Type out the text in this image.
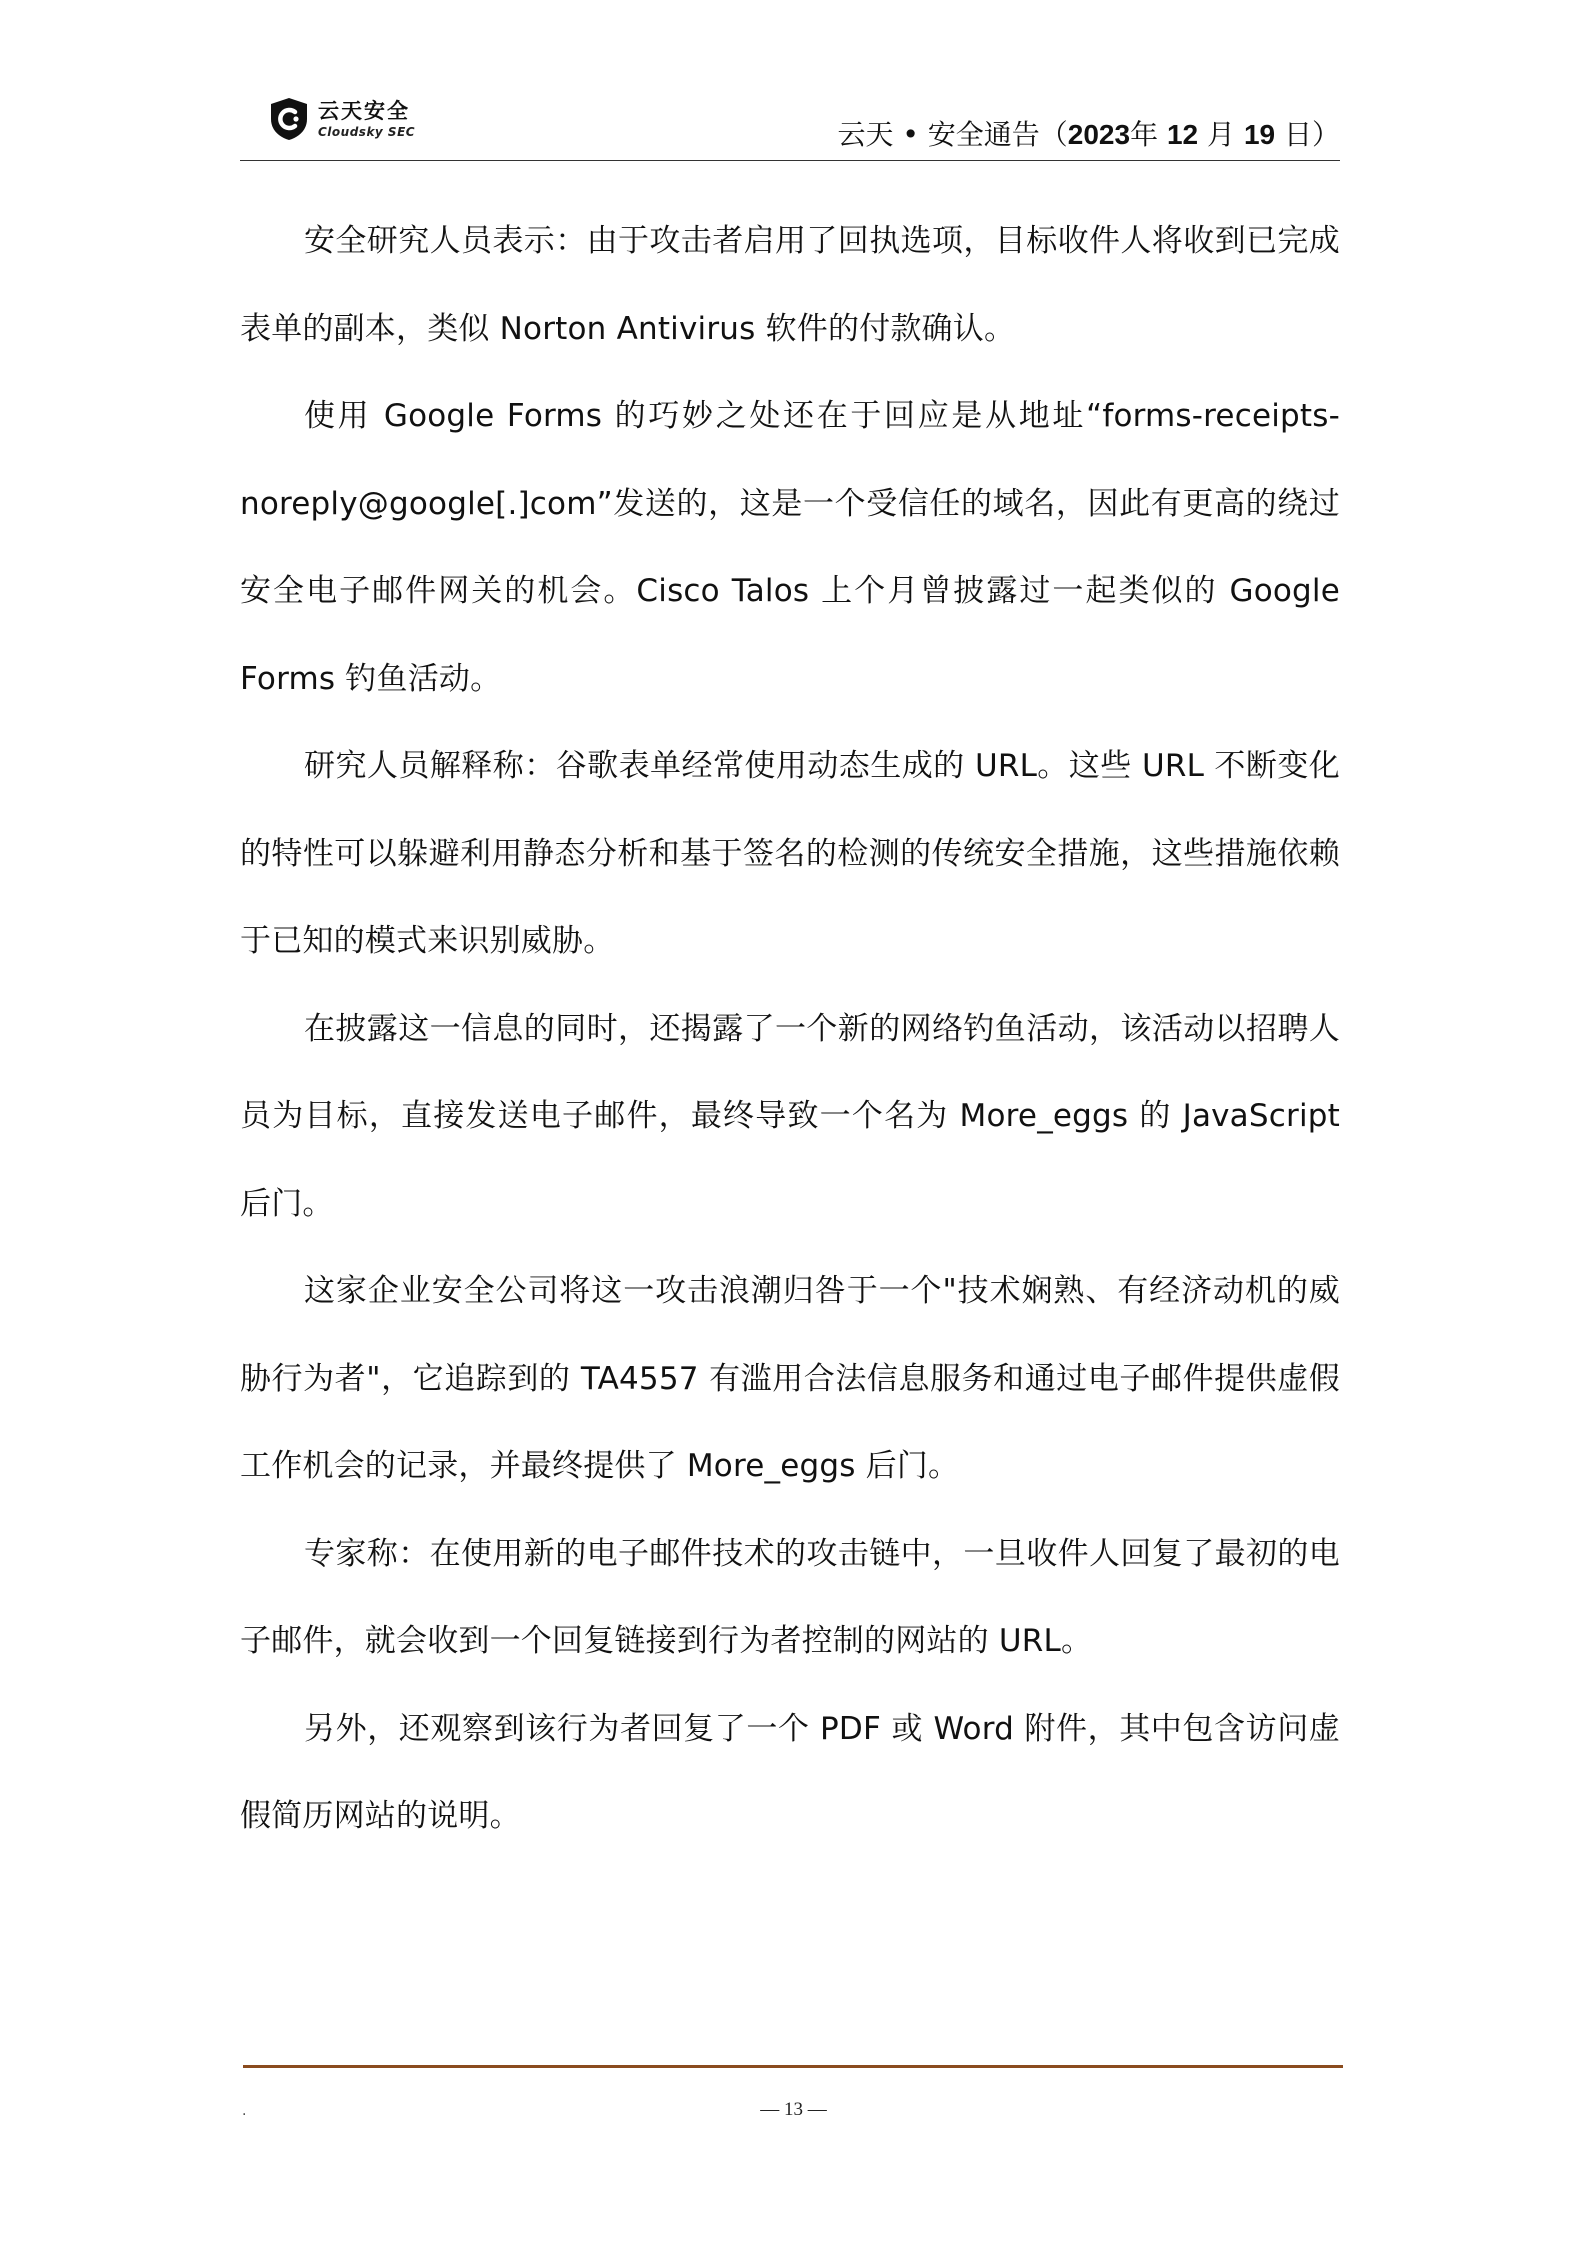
云天安全
Cloudsky SEC	云天 • 安全通告（2023年 12 月 19 日）

安全研究人员表示：由于攻击者启用了回执选项，目标收件人将收到已完成表单的副本，类似 Norton Antivirus 软件的付款确认。

使用 Google Forms 的巧妙之处还在于回应是从地址“forms-receipts-noreply@google[.]com”发送的，这是一个受信任的域名，因此有更高的绕过安全电子邮件网关的机会。Cisco Talos 上个月曾披露过一起类似的 Google Forms 钓鱼活动。

研究人员解释称：谷歌表单经常使用动态生成的 URL。这些 URL 不断变化的特性可以躲避利用静态分析和基于签名的检测的传统安全措施，这些措施依赖于已知的模式来识别威胁。

在披露这一信息的同时，还揭露了一个新的网络钓鱼活动，该活动以招聘人员为目标，直接发送电子邮件，最终导致一个名为 More_eggs 的 JavaScript 后门。

这家企业安全公司将这一攻击浪潮归咎于一个"技术娴熟、有经济动机的威胁行为者"，它追踪到的 TA4557 有滥用合法信息服务和通过电子邮件提供虚假工作机会的记录，并最终提供了 More_eggs 后门。

专家称：在使用新的电子邮件技术的攻击链中，一旦收件人回复了最初的电子邮件，就会收到一个回复链接到行为者控制的网站的 URL。

另外，还观察到该行为者回复了一个 PDF 或 Word 附件，其中包含访问虚假简历网站的说明。

.	— 13 —
